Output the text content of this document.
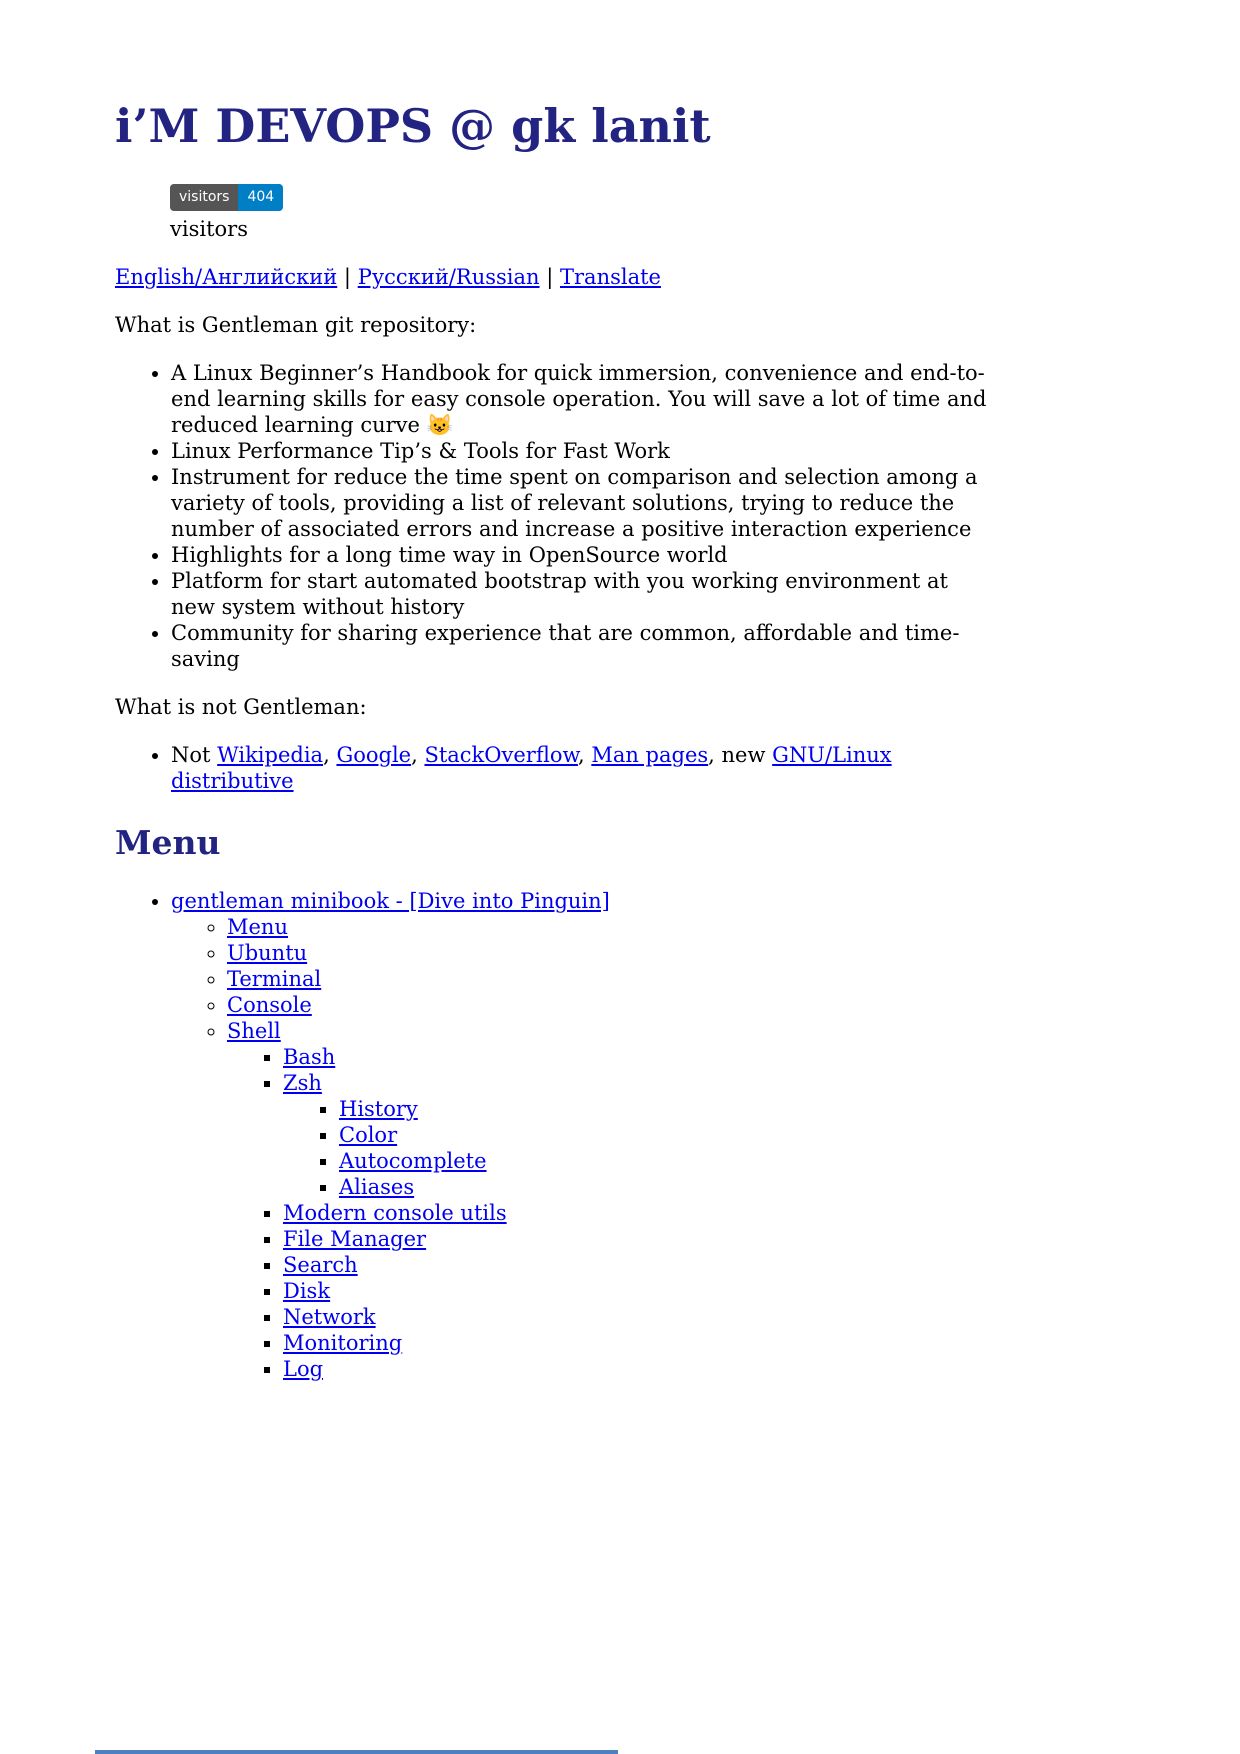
i’M DEVOPS @ gk lanit
visitors	404
visitors

English/Английский | Русский/Russian | Translate

What is Gentleman git repository:

• A Linux Beginner’s Handbook for quick immersion, convenience and end-to-end learning skills for easy console operation. You will save a lot of time and reduced learning curve 😺
• Linux Performance Tip’s & Tools for Fast Work
• Instrument for reduce the time spent on comparison and selection among a variety of tools, providing a list of relevant solutions, trying to reduce the number of associated errors and increase a positive interaction experience
• Highlights for a long time way in OpenSource world
• Platform for start automated bootstrap with you working environment at new system without history
• Community for sharing experience that are common, affordable and time-saving

What is not Gentleman:

• Not Wikipedia, Google, StackOverflow, Man pages, new GNU/Linux distributive
Menu
• gentleman minibook - [Dive into Pinguin]
◦ Menu
◦ Ubuntu
◦ Terminal
◦ Console
◦ Shell
▪ Bash
▪ Zsh
▪ History
▪ Color
▪ Autocomplete
▪ Aliases
▪ Modern console utils
▪ File Manager
▪ Search
▪ Disk
▪ Network
▪ Monitoring
▪ Log
